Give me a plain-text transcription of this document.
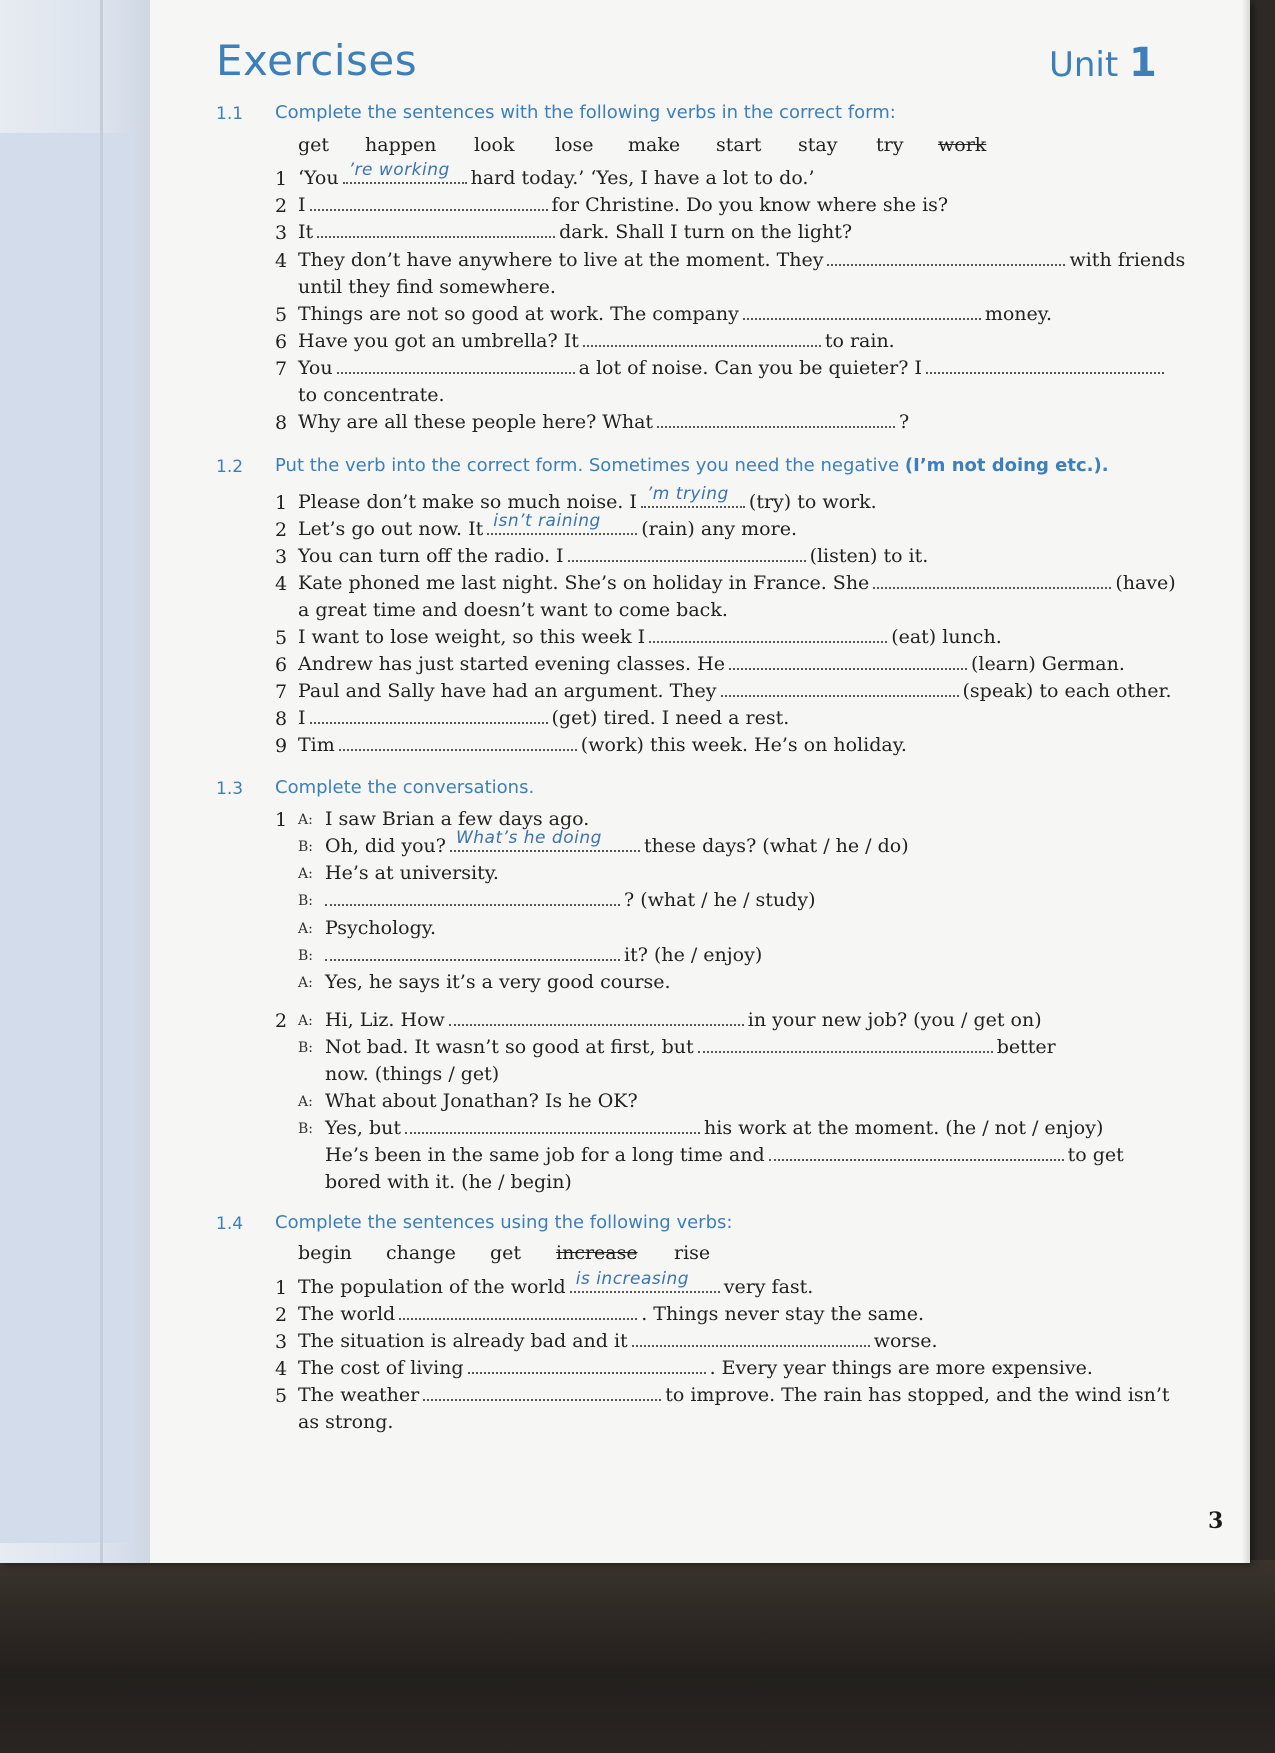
Exercises	Unit 1
1.1 Complete the sentences with the following verbs in the correct form:
get happen look lose make start stay try work
1 ‘You ’re working hard today.’ ‘Yes, I have a lot to do.’
2 I	for Christine. Do you know where she is?
3 It	dark. Shall I turn on the light?
4 They don’t have anywhere to live at the moment. They	with friends
until they find somewhere.
5 Things are not so good at work. The company	money.
6 Have you got an umbrella? It	to rain.
7 You	a lot of noise. Can you be quieter? I
to concentrate.
8 Why are all these people here? What	?
1.2 Put the verb into the correct form. Sometimes you need the negative (I’m not doing etc.).
1 Please don’t make so much noise. I ’m trying (try) to work.
2 Let’s go out now. It isn’t raining (rain) any more.
3 You can turn off the radio. I	(listen) to it.
4 Kate phoned me last night. She’s on holiday in France. She	(have)
a great time and doesn’t want to come back.
5 I want to lose weight, so this week I	(eat) lunch.
6 Andrew has just started evening classes. He	(learn) German.
7 Paul and Sally have had an argument. They	(speak) to each other.
8 I	(get) tired. I need a rest.
9 Tim	(work) this week. He’s on holiday.
1.3 Complete the conversations.
1 A: I saw Brian a few days ago.
B: Oh, did you? What’s he doing these days? (what / he / do)
A: He’s at university.
B:	? (what / he / study)
A: Psychology.
B:	it? (he / enjoy)
A: Yes, he says it’s a very good course.
2 A: Hi, Liz. How	in your new job? (you / get on)
B: Not bad. It wasn’t so good at first, but	better
now. (things / get)
A: What about Jonathan? Is he OK?
B: Yes, but	his work at the moment. (he / not / enjoy)
He’s been in the same job for a long time and	to get
bored with it. (he / begin)
1.4 Complete the sentences using the following verbs:
begin change get increase rise
1 The population of the world is increasing very fast.
2 The world	. Things never stay the same.
3 The situation is already bad and it	worse.
4 The cost of living	. Every year things are more expensive.
5 The weather	to improve. The rain has stopped, and the wind isn’t
as strong.
3
